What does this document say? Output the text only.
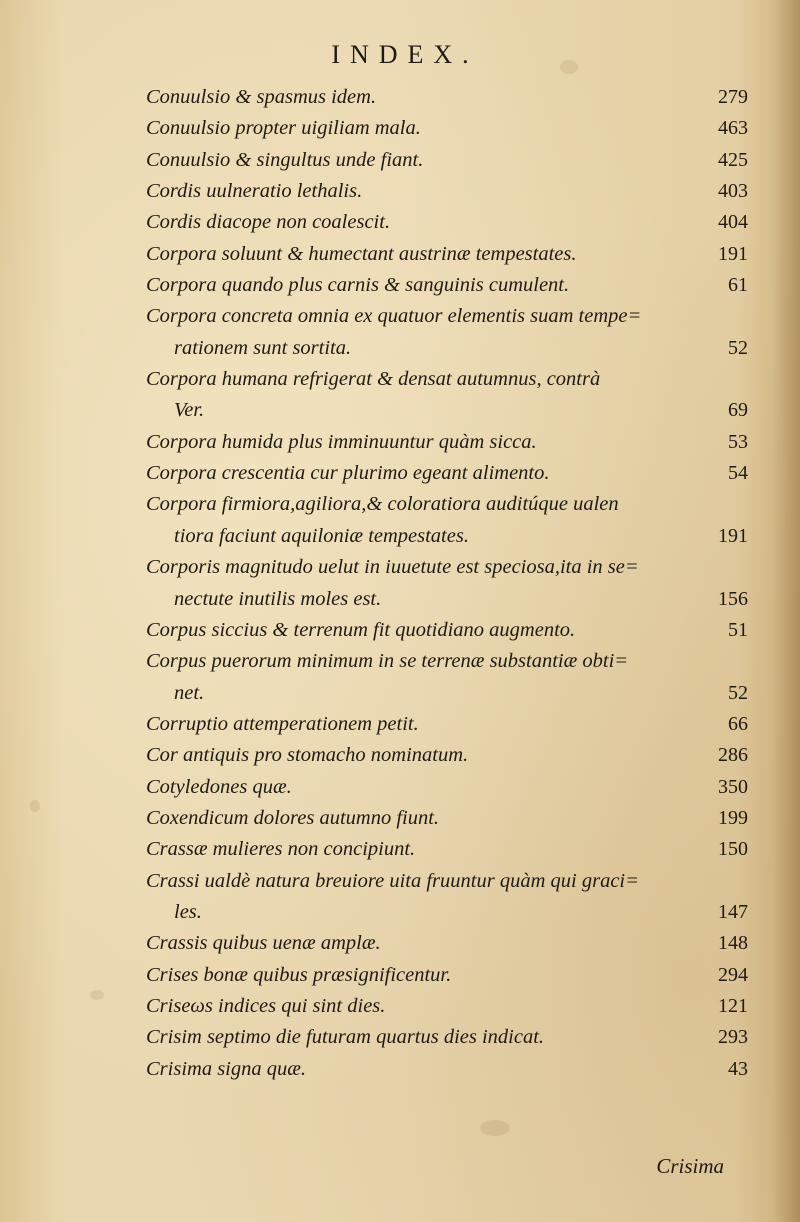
INDEX.
Conuulsio & spasmus idem.	279
Conuulsio propter uigiliam mala.	463
Conuulsio & singultus unde fiant.	425
Cordis uulneratio lethalis.	403
Cordis diacope non coalescit.	404
Corpora soluunt & humectant austrinæ tempestates.	191
Corpora quando plus carnis & sanguinis cumulent.	61
Corpora concreta omnia ex quatuor elementis suam tempe=
rationem sunt sortita.	52
Corpora humana refrigerat & densat autumnus, contrà
Ver.	69
Corpora humida plus imminuuntur quàm sicca.	53
Corpora crescentia cur plurimo egeant alimento.	54
Corpora firmiora,agiliora,& coloratiora auditúque ualen
tiora faciunt aquiloniæ tempestates.	191
Corporis magnitudo uelut in iuuetute est speciosa,ita in se=
nectute inutilis moles est.	156
Corpus siccius & terrenum fit quotidiano augmento.	51
Corpus puerorum minimum in se terrenæ substantiæ obti=
net.	52
Corruptio attemperationem petit.	66
Cor antiquis pro stomacho nominatum.	286
Cotyledones quæ.	350
Coxendicum dolores autumno fiunt.	199
Crassæ mulieres non concipiunt.	150
Crassi ualdè natura breuiore uita fruuntur quàm qui graci=
les.	147
Crassis quibus uenæ amplæ.	148
Crises bonæ quibus præsignificentur.	294
Criseωs indices qui sint dies.	121
Crisim septimo die futuram quartus dies indicat.	293
Crisima signa quæ.	43
Crisima
